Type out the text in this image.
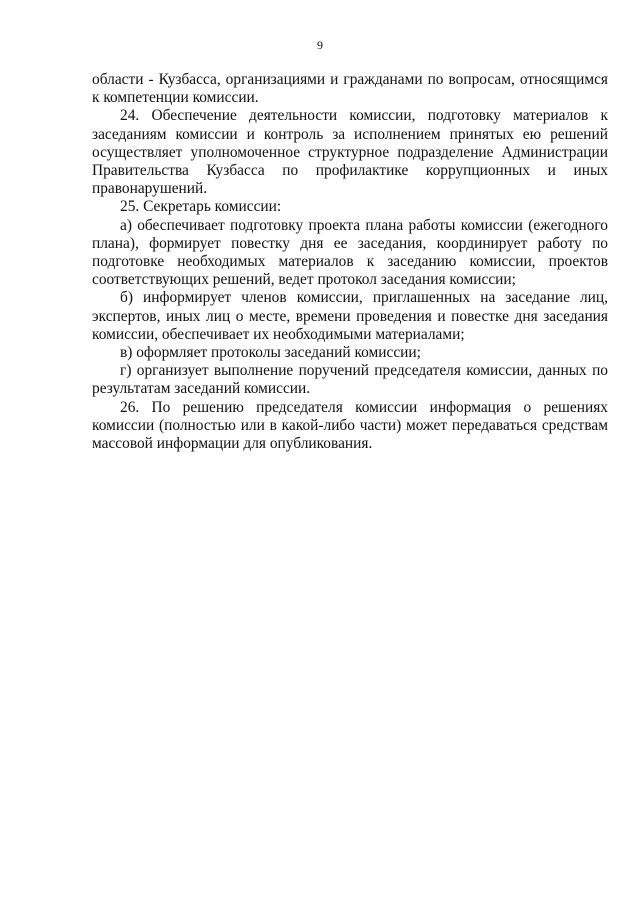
9

области - Кузбасса, организациями и гражданами по вопросам, относящимся к компетенции комиссии.

24. Обеспечение деятельности комиссии, подготовку материалов к заседаниям комиссии и контроль за исполнением принятых ею решений осуществляет уполномоченное структурное подразделение Администрации Правительства Кузбасса по профилактике коррупционных и иных правонарушений.

25. Секретарь комиссии:

а) обеспечивает подготовку проекта плана работы комиссии (ежегодного плана), формирует повестку дня ее заседания, координирует работу по подготовке необходимых материалов к заседанию комиссии, проектов соответствующих решений, ведет протокол заседания комиссии;

б) информирует членов комиссии, приглашенных на заседание лиц, экспертов, иных лиц о месте, времени проведения и повестке дня заседания комиссии, обеспечивает их необходимыми материалами;

в) оформляет протоколы заседаний комиссии;

г) организует выполнение поручений председателя комиссии, данных по результатам заседаний комиссии.

26. По решению председателя комиссии информация о решениях комиссии (полностью или в какой-либо части) может передаваться средствам массовой информации для опубликования.
